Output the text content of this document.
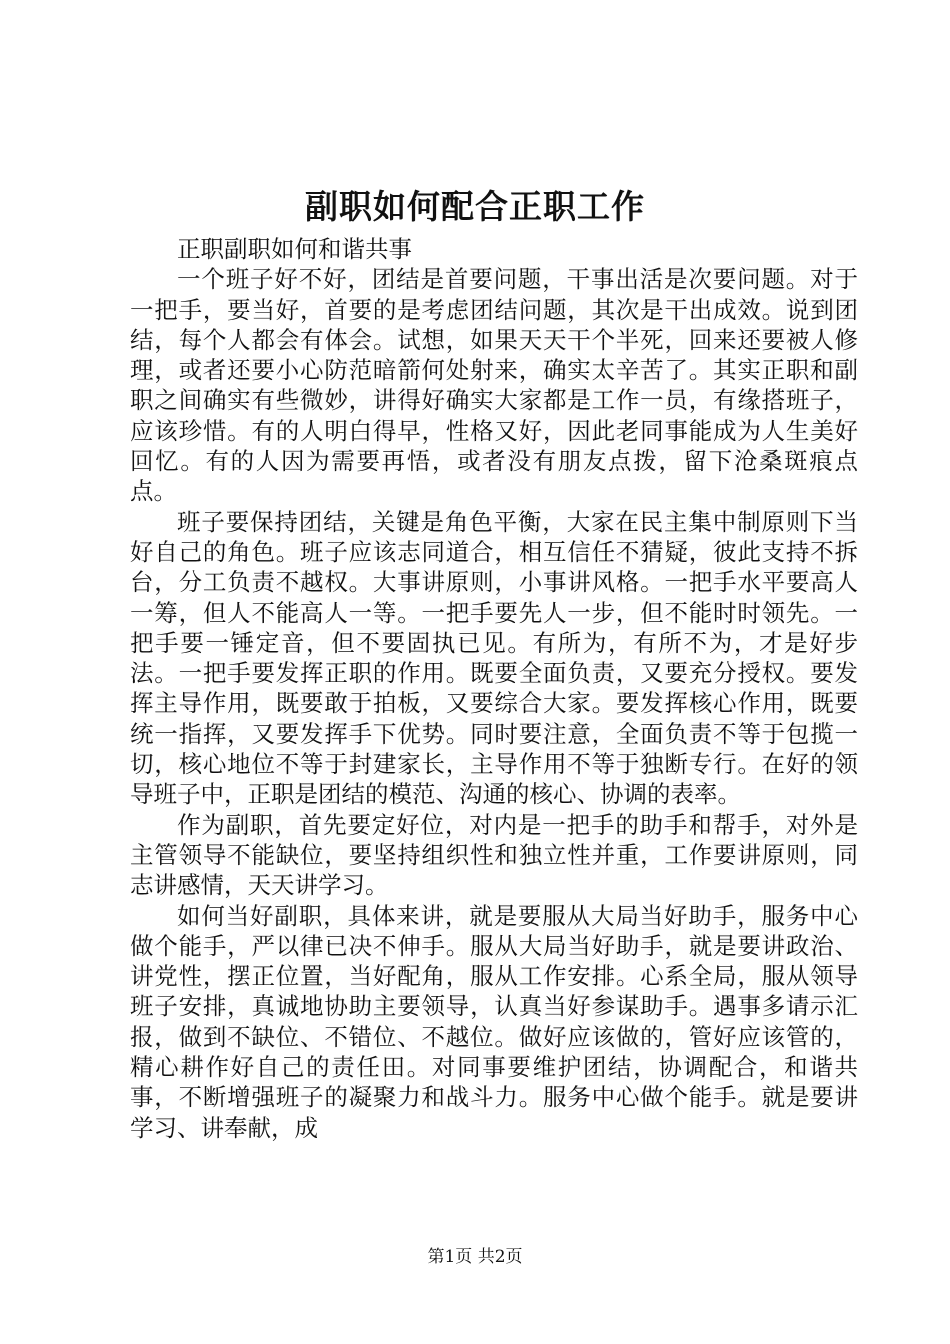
副职如何配合正职工作

正职副职如何和谐共事

一个班子好不好，团结是首要问题，干事出活是次要问题。对于一把手，要当好，首要的是考虑团结问题，其次是干出成效。说到团结，每个人都会有体会。试想，如果天天干个半死，回来还要被人修理，或者还要小心防范暗箭何处射来，确实太辛苦了。其实正职和副职之间确实有些微妙，讲得好确实大家都是工作一员，有缘搭班子，应该珍惜。有的人明白得早，性格又好，因此老同事能成为人生美好回忆。有的人因为需要再悟，或者没有朋友点拨，留下沧桑斑痕点点。

班子要保持团结，关键是角色平衡，大家在民主集中制原则下当好自己的角色。班子应该志同道合，相互信任不猜疑，彼此支持不拆台，分工负责不越权。大事讲原则，小事讲风格。一把手水平要高人一筹，但人不能高人一等。一把手要先人一步，但不能时时领先。一把手要一锤定音，但不要固执已见。有所为，有所不为，才是好步法。一把手要发挥正职的作用。既要全面负责，又要充分授权。要发挥主导作用，既要敢于拍板，又要综合大家。要发挥核心作用，既要统一指挥，又要发挥手下优势。同时要注意，全面负责不等于包揽一切，核心地位不等于封建家长，主导作用不等于独断专行。在好的领导班子中，正职是团结的模范、沟通的核心、协调的表率。

作为副职，首先要定好位，对内是一把手的助手和帮手，对外是主管领导不能缺位，要坚持组织性和独立性并重，工作要讲原则，同志讲感情，天天讲学习。

如何当好副职，具体来讲，就是要服从大局当好助手，服务中心做个能手，严以律已决不伸手。服从大局当好助手，就是要讲政治、讲党性，摆正位置，当好配角，服从工作安排。心系全局，服从领导班子安排，真诚地协助主要领导，认真当好参谋助手。遇事多请示汇报，做到不缺位、不错位、不越位。做好应该做的，管好应该管的，精心耕作好自己的责任田。对同事要维护团结，协调配合，和谐共事，不断增强班子的凝聚力和战斗力。服务中心做个能手。就是要讲学习、讲奉献，成

第1页 共2页
